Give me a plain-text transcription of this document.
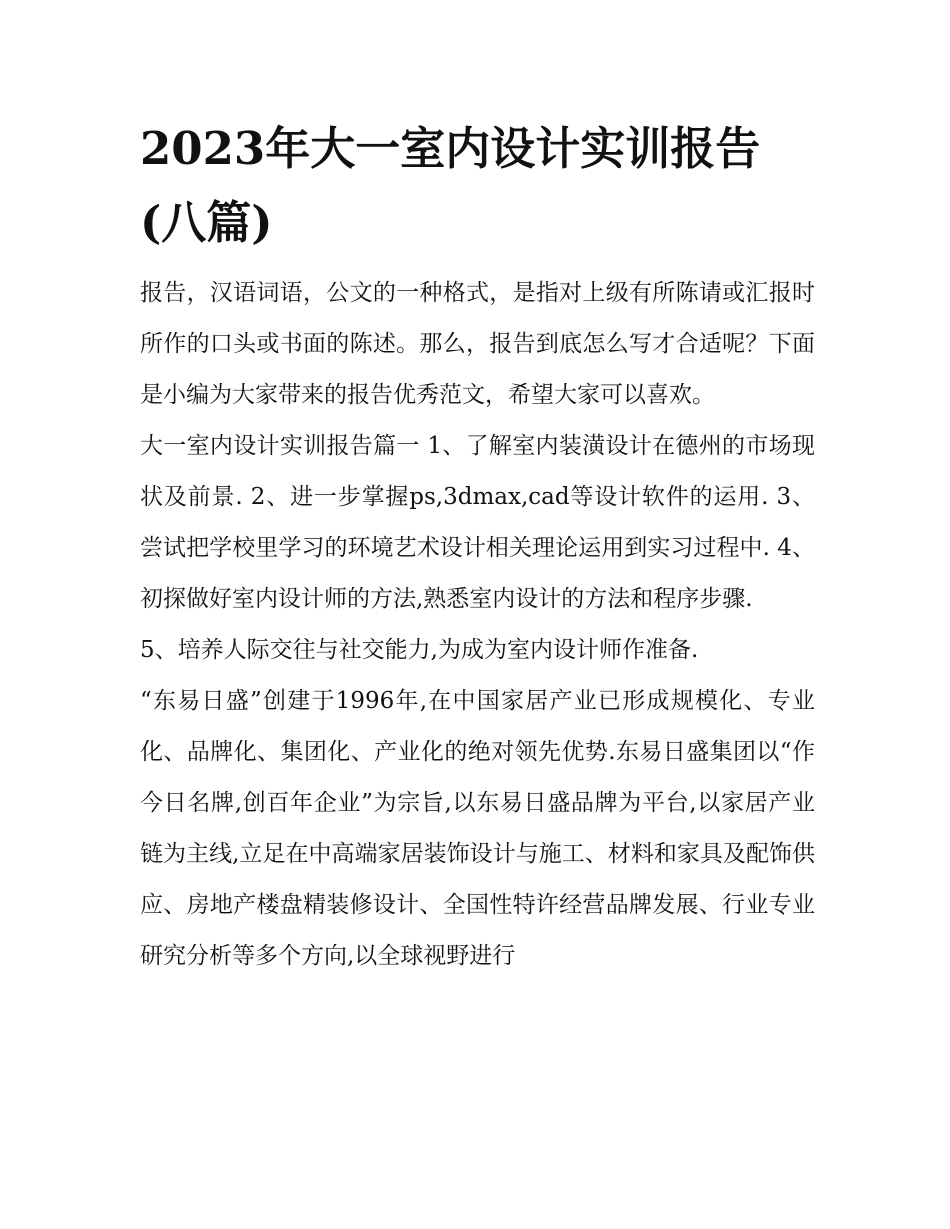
2023年大一室内设计实训报告(八篇)

报告，汉语词语，公文的一种格式，是指对上级有所陈请或汇报时所作的口头或书面的陈述。那么，报告到底怎么写才合适呢？下面是小编为大家带来的报告优秀范文，希望大家可以喜欢。

大一室内设计实训报告篇一 1、了解室内装潢设计在德州的市场现状及前景. 2、进一步掌握ps,3dmax,cad等设计软件的运用. 3、尝试把学校里学习的环境艺术设计相关理论运用到实习过程中. 4、初探做好室内设计师的方法,熟悉室内设计的方法和程序步骤.

5、培养人际交往与社交能力,为成为室内设计师作准备.

“东易日盛”创建于1996年,在中国家居产业已形成规模化、专业化、品牌化、集团化、产业化的绝对领先优势.东易日盛集团以“作今日名牌,创百年企业”为宗旨,以东易日盛品牌为平台,以家居产业链为主线,立足在中高端家居装饰设计与施工、材料和家具及配饰供应、房地产楼盘精装修设计、全国性特许经营品牌发展、行业专业研究分析等多个方向,以全球视野进行
